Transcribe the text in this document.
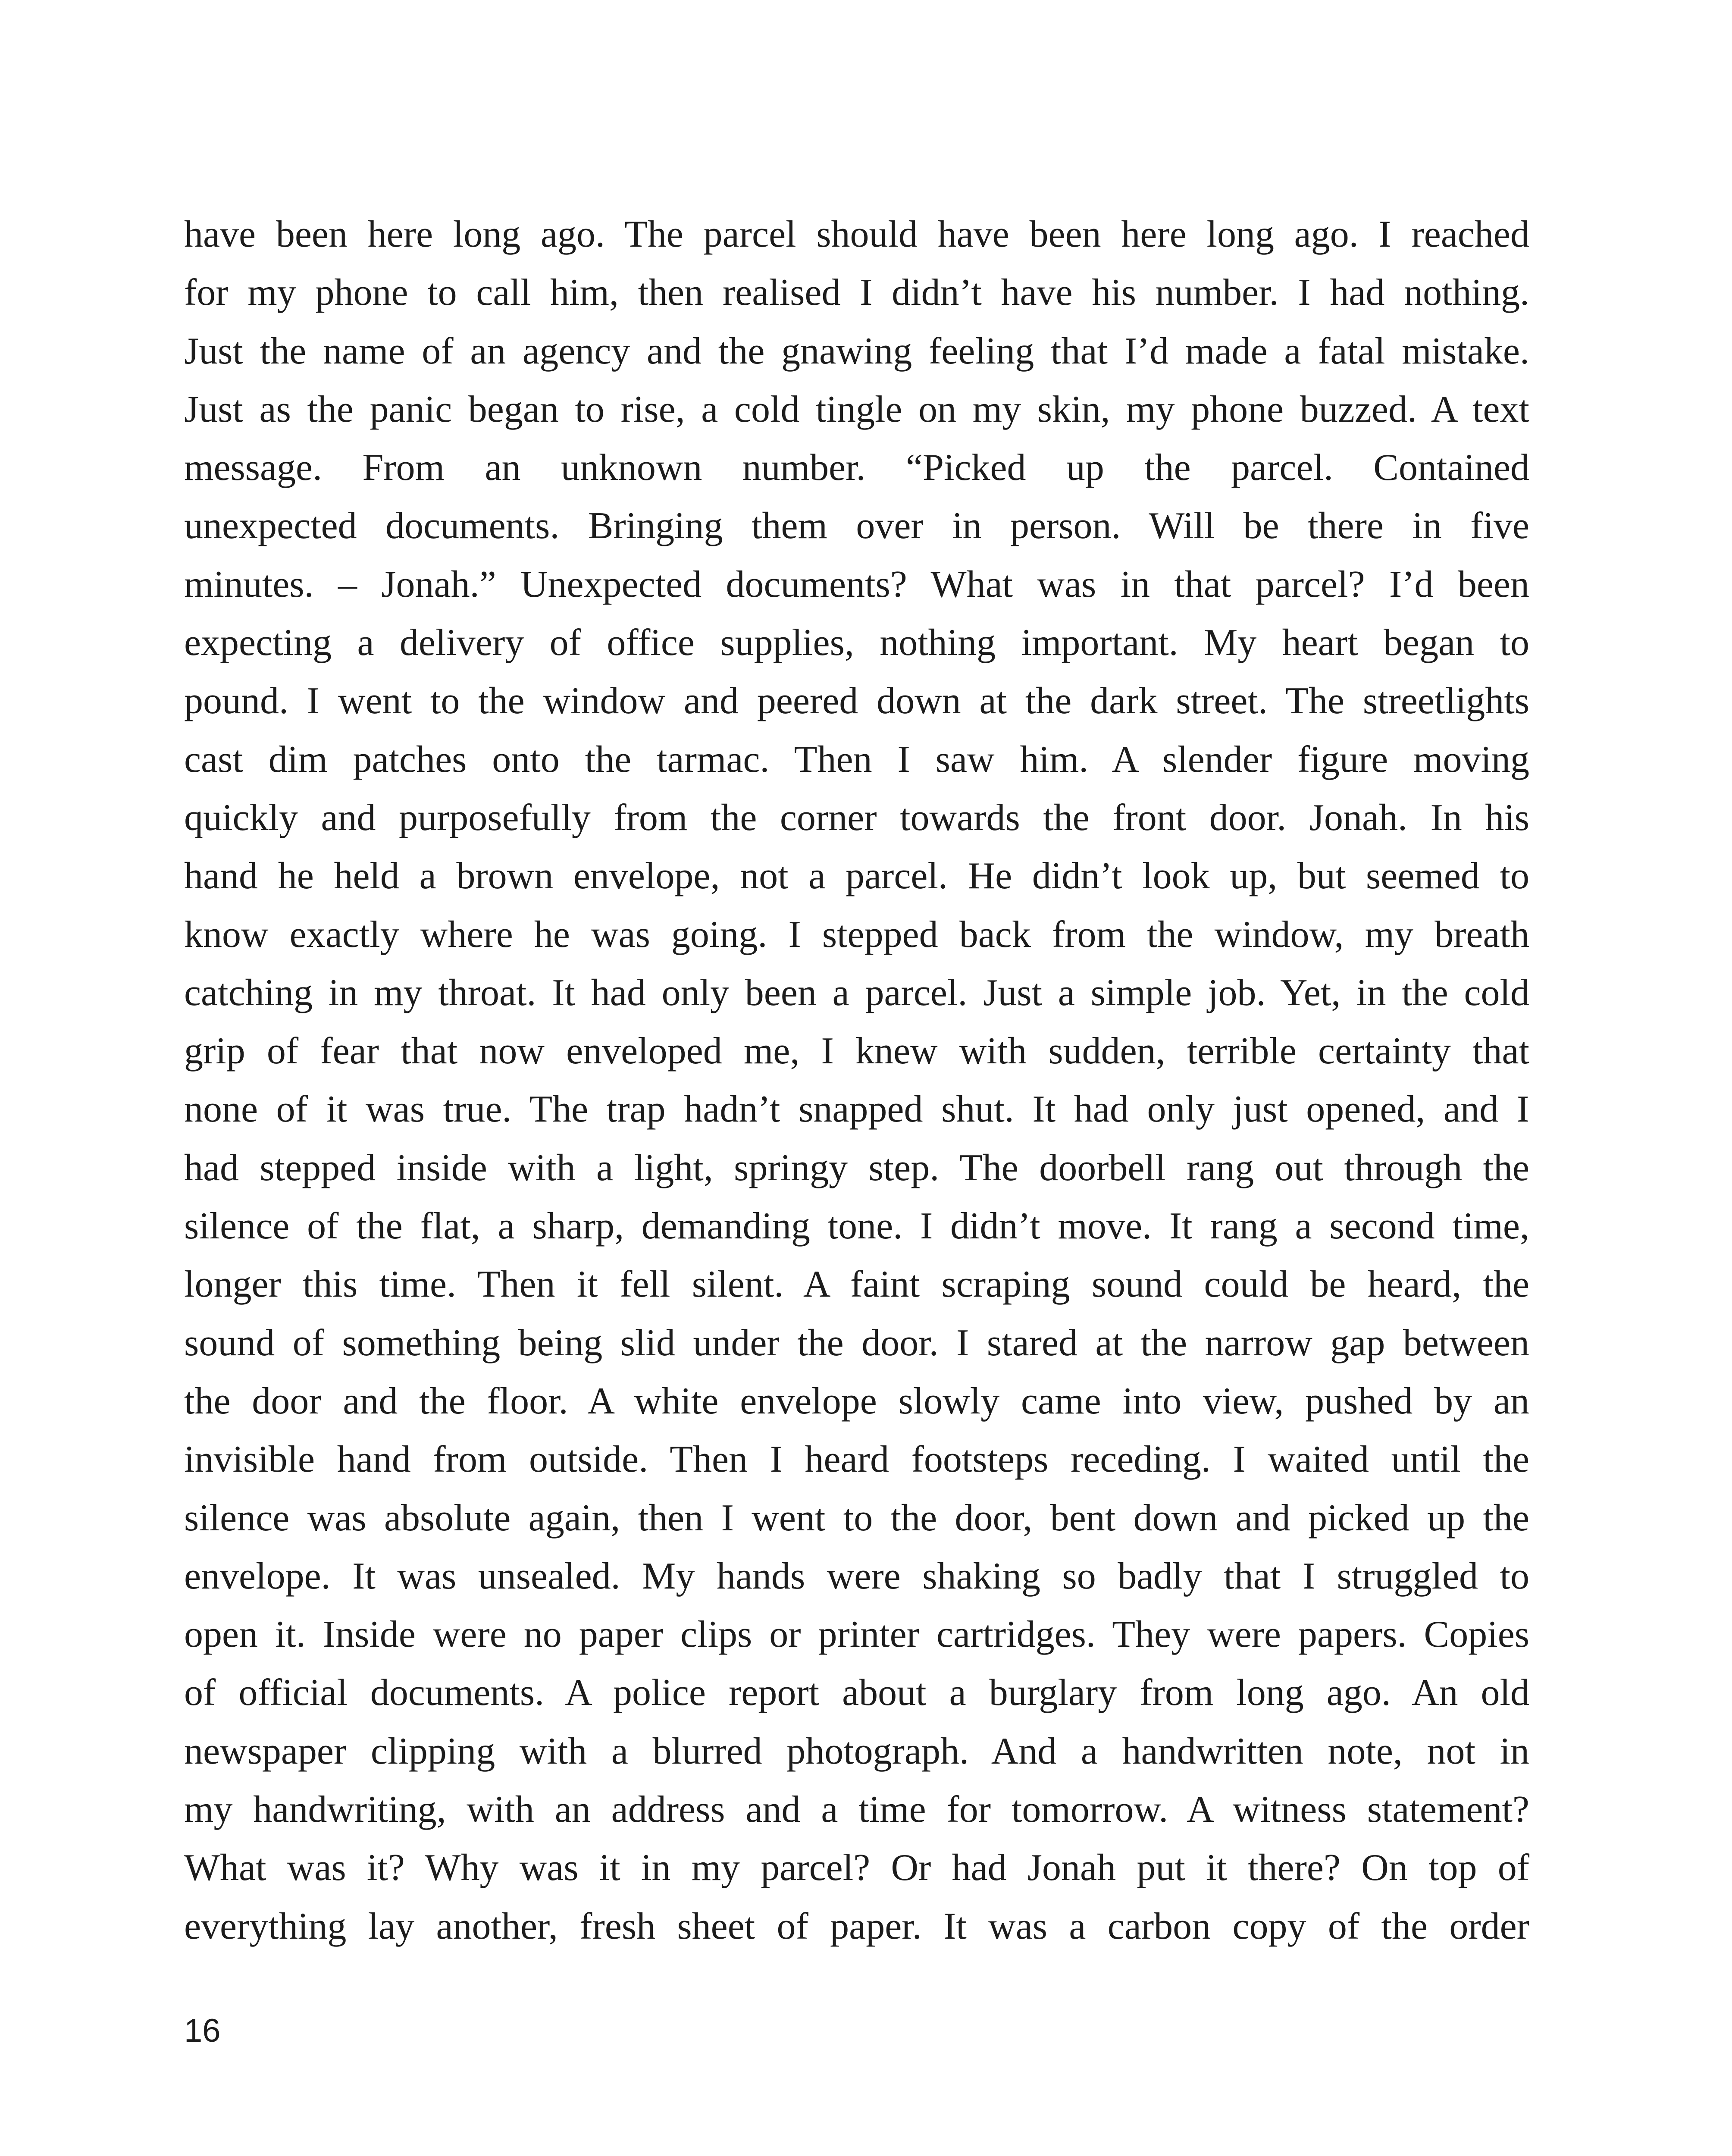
have been here long ago. The parcel should have been here long ago. I reached
for my phone to call him, then realised I didn’t have his number. I had nothing.
Just the name of an agency and the gnawing feeling that I’d made a fatal mistake.
Just as the panic began to rise, a cold tingle on my skin, my phone buzzed. A text
message. From an unknown number. “Picked up the parcel. Contained
unexpected documents. Bringing them over in person. Will be there in five
minutes. – Jonah.” Unexpected documents? What was in that parcel? I’d been
expecting a delivery of office supplies, nothing important. My heart began to
pound. I went to the window and peered down at the dark street. The streetlights
cast dim patches onto the tarmac. Then I saw him. A slender figure moving
quickly and purposefully from the corner towards the front door. Jonah. In his
hand he held a brown envelope, not a parcel. He didn’t look up, but seemed to
know exactly where he was going. I stepped back from the window, my breath
catching in my throat. It had only been a parcel. Just a simple job. Yet, in the cold
grip of fear that now enveloped me, I knew with sudden, terrible certainty that
none of it was true. The trap hadn’t snapped shut. It had only just opened, and I
had stepped inside with a light, springy step. The doorbell rang out through the
silence of the flat, a sharp, demanding tone. I didn’t move. It rang a second time,
longer this time. Then it fell silent. A faint scraping sound could be heard, the
sound of something being slid under the door. I stared at the narrow gap between
the door and the floor. A white envelope slowly came into view, pushed by an
invisible hand from outside. Then I heard footsteps receding. I waited until the
silence was absolute again, then I went to the door, bent down and picked up the
envelope. It was unsealed. My hands were shaking so badly that I struggled to
open it. Inside were no paper clips or printer cartridges. They were papers. Copies
of official documents. A police report about a burglary from long ago. An old
newspaper clipping with a blurred photograph. And a handwritten note, not in
my handwriting, with an address and a time for tomorrow. A witness statement?
What was it? Why was it in my parcel? Or had Jonah put it there? On top of
everything lay another, fresh sheet of paper. It was a carbon copy of the order
16
